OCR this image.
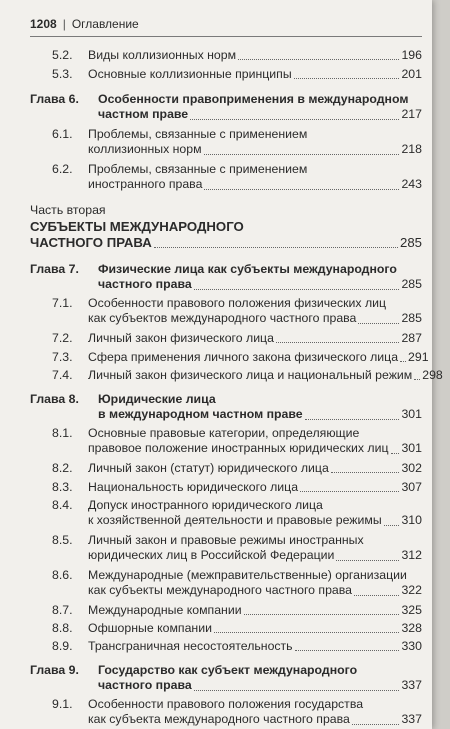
1208 | Оглавление
Часть вторая
СУБЪЕКТЫ МЕЖДУНАРОДНОГО
ЧАСТНОГО ПРАВА	285
5.2. Виды коллизионных норм	196
5.3. Основные коллизионные принципы	201
Глава 6. Особенности правоприменения в международном
частном праве	217
6.1. Проблемы, связанные с применением
коллизионных норм	218
6.2. Проблемы, связанные с применением
иностранного права	243
Глава 7. Физические лица как субъекты международного
частного права	285
7.1. Особенности правового положения физических лиц
как субъектов международного частного права	285
7.2. Личный закон физического лица	287
7.3. Сфера применения личного закона физического лица 291
7.4. Личный закон физического лица и национальный режим 298
Глава 8. Юридические лица
в международном частном праве	301
8.1. Основные правовые категории, определяющие
правовое положение иностранных юридических лиц 301
8.2. Личный закон (статут) юридического лица	302
8.3. Национальность юридического лица	307
8.4. Допуск иностранного юридического лица
к хозяйственной деятельности и правовые режимы 310
8.5. Личный закон и правовые режимы иностранных
юридических лиц в Российской Федерации	312
8.6. Международные (межправительственные) организации
как субъекты международного частного права	322
8.7. Международные компании	325
8.8. Офшорные компании	328
8.9. Трансграничная несостоятельность	330
Глава 9. Государство как субъект международного
частного права	337
9.1. Особенности правового положения государства
как субъекта международного частного права	337
